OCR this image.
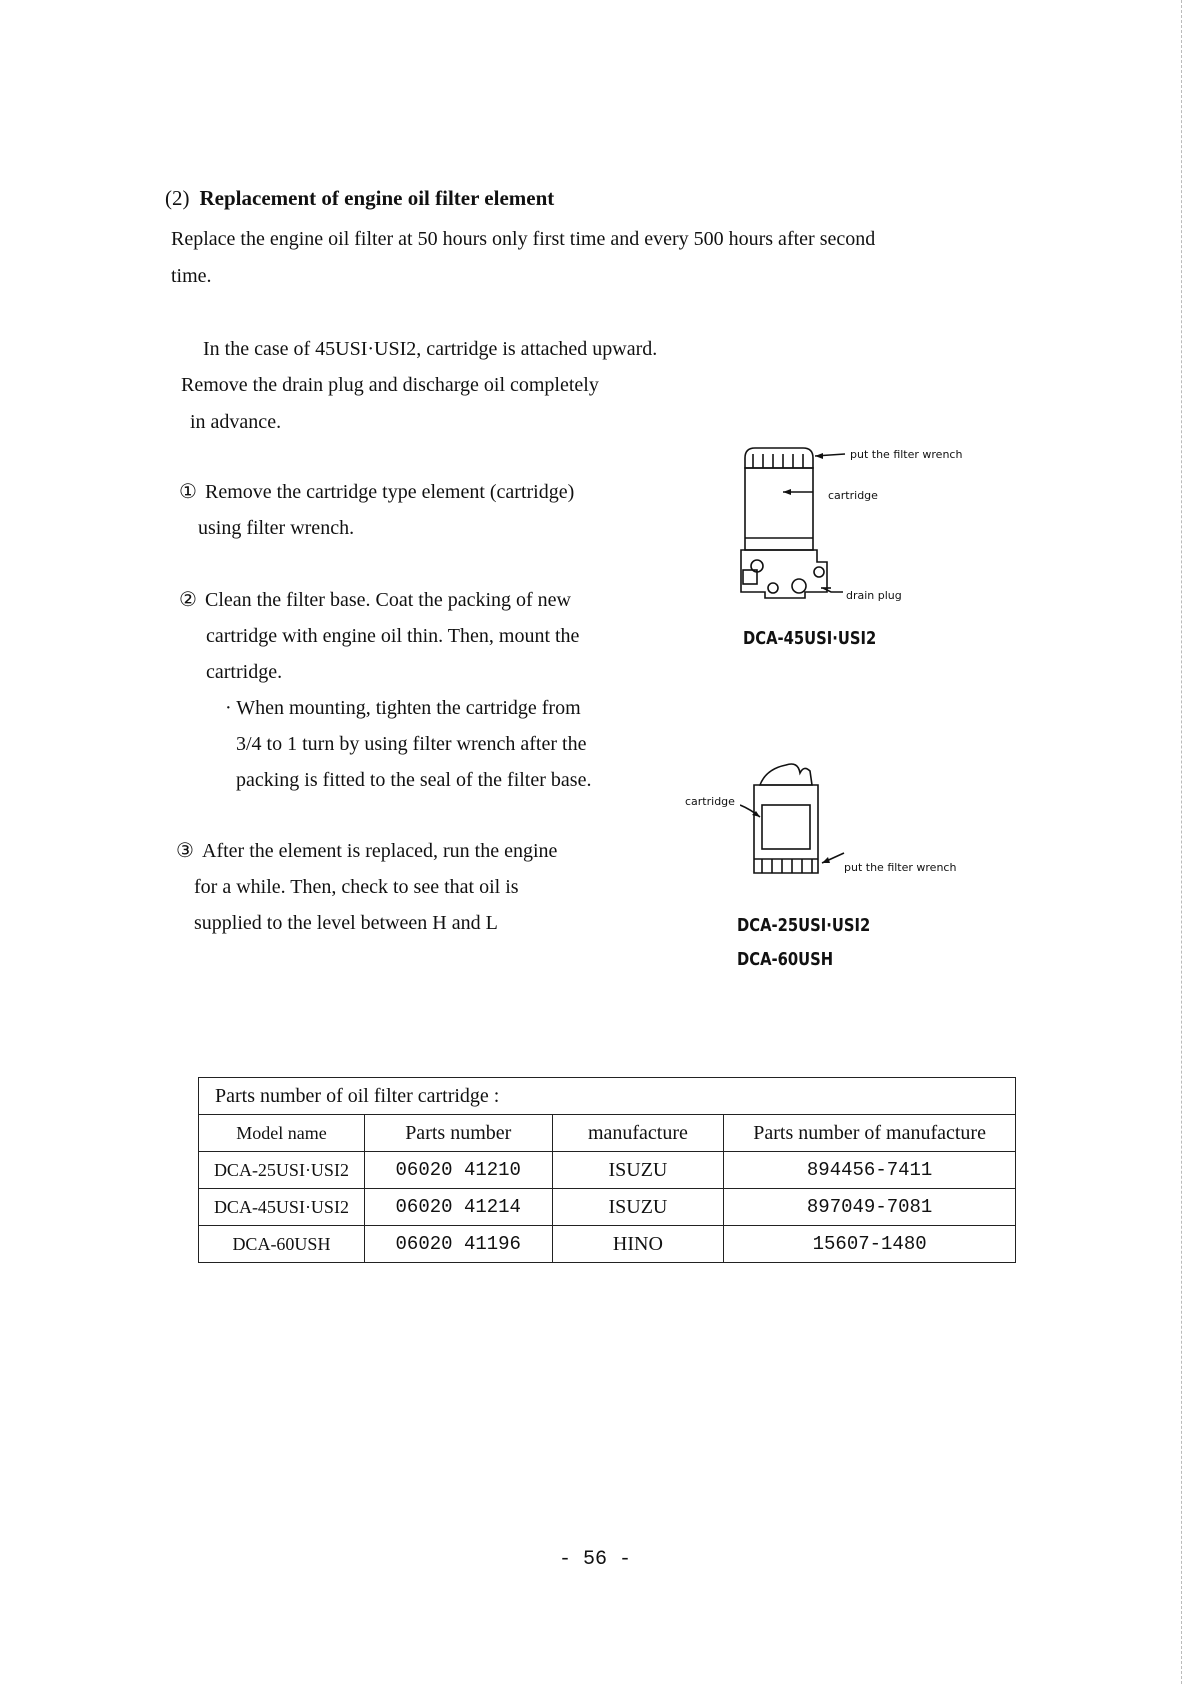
(2) Replacement of engine oil filter element
Replace the engine oil filter at 50 hours only first time and every 500 hours after second
time.
In the case of 45USI·USI2, cartridge is attached upward.
Remove the drain plug and discharge oil completely
in advance.
① Remove the cartridge type element (cartridge)
using filter wrench.
② Clean the filter base. Coat the packing of new
cartridge with engine oil thin. Then, mount the
cartridge.
· When mounting, tighten the cartridge from
3/4 to 1 turn by using filter wrench after the
packing is fitted to the seal of the filter base.
③ After the element is replaced, run the engine
for a while. Then, check to see that oil is
supplied to the level between H and L
put the filter wrench
cartridge
drain plug
DCA-45USI·USI2
cartridge
put the filter wrench
DCA-25USI·USI2
DCA-60USH
Parts number of oil filter cartridge :			
Model name	Parts number	manufacture	Parts number of manufacture
DCA-25USI·USI2	06020 41210	ISUZU	894456-7411
DCA-45USI·USI2	06020 41214	ISUZU	897049-7081
DCA-60USH	06020 41196	HINO	15607-1480
- 56 -
